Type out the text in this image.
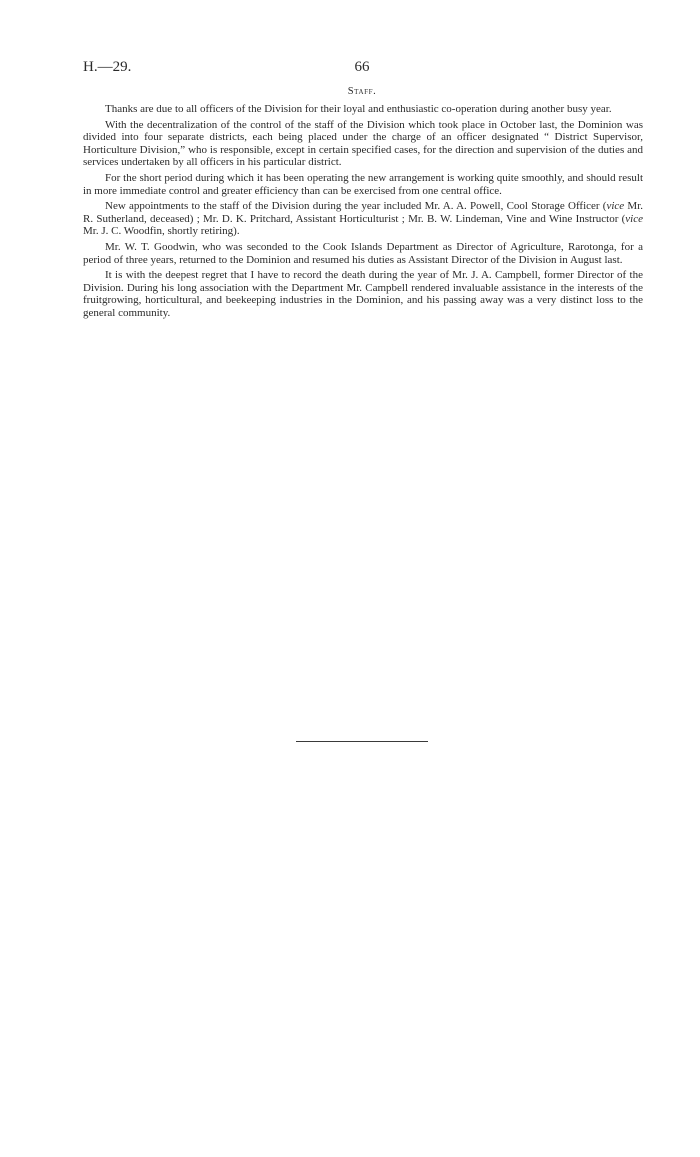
H.—29.	66
Staff.

Thanks are due to all officers of the Division for their loyal and enthusiastic co-operation during another busy year.

With the decentralization of the control of the staff of the Division which took place in October last, the Dominion was divided into four separate districts, each being placed under the charge of an officer designated “ District Supervisor, Horticulture Division,” who is responsible, except in certain specified cases, for the direction and supervision of the duties and services undertaken by all officers in his particular district.

For the short period during which it has been operating the new arrangement is working quite smoothly, and should result in more immediate control and greater efficiency than can be exercised from one central office.

New appointments to the staff of the Division during the year included Mr. A. A. Powell, Cool Storage Officer (vice Mr. R. Sutherland, deceased) ; Mr. D. K. Pritchard, Assistant Horticulturist ; Mr. B. W. Lindeman, Vine and Wine Instructor (vice Mr. J. C. Woodfin, shortly retiring).

Mr. W. T. Goodwin, who was seconded to the Cook Islands Department as Director of Agriculture, Rarotonga, for a period of three years, returned to the Dominion and resumed his duties as Assistant Director of the Division in August last.

It is with the deepest regret that I have to record the death during the year of Mr. J. A. Campbell, former Director of the Division. During his long association with the Department Mr. Campbell rendered invaluable assistance in the interests of the fruitgrowing, horticultural, and beekeeping industries in the Dominion, and his passing away was a very distinct loss to the general community.
